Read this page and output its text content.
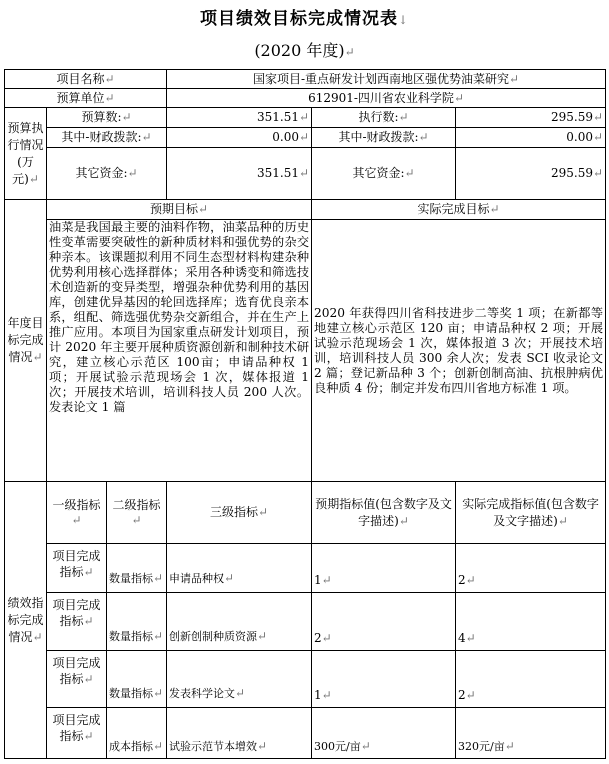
项目绩效目标完成情况表↓
(2020 年度)↵
项目名称↵			国家项目-重点研发计划西南地区强优势油菜研究↵		
预算单位↵			612901-四川省农业科学院↵		
预算执行情况(万元)↵	预算数:↵		351.51↵	执行数:↵	295.59↵
	其中-财政拨款:↵		0.00↵	其中-财政拨款:↵	0.00↵
	其它资金:↵		351.51↵	其它资金:↵	295.59↵
年度目标完成情况↵	预期目标↵			实际完成目标↵	
	油菜是我国最主要的油料作物，油菜品种的历史性变革需要突破性的新种质材料和强优势的杂交种亲本。该课题拟利用不同生态型材料构建杂种优势利用核心选择群体；采用各种诱变和筛选技术创造新的变异类型，增强杂种优势利用的基因库，创建优异基因的轮回选择库；选育优良亲本系，组配、筛选强优势杂交新组合，并在生产上推广应用。本项目为国家重点研发计划项目，预计 2020 年主要开展种质资源创新和制种技术研究，建立核心示范区 100亩；申请品种权 1 项；开展试验示范现场会 1 次，媒体报道 1 次；开展技术培训，培训科技人员 200 人次。发表论文 1 篇			2020 年获得四川省科技进步二等奖 1 项；在新都等地建立核心示范区 120 亩；申请品种权 2 项；开展试验示范现场会 1 次，媒体报道 3 次；开展技术培训，培训科技人员 300 余人次；发表 SCI 收录论文 2 篇；登记新品种 3 个；创新创制高油、抗根肿病优良种质 4 份；制定并发布四川省地方标准 1 项。	
绩效指标完成情况↵	一级指标↵	二级指标↵	三级指标↵	预期指标值(包含数字及文字描述)↵	实际完成指标值(包含数字及文字描述)↵
	项目完成指标↵	数量指标↵	申请品种权↵	1↵	2↵
	项目完成指标↵	数量指标↵	创新创制种质资源↵	2↵	4↵
	项目完成指标↵	数量指标↵	发表科学论文↵	1↵	2↵
	项目完成指标↵	成本指标↵	试验示范节本增效↵	300元/亩↵	320元/亩↵
